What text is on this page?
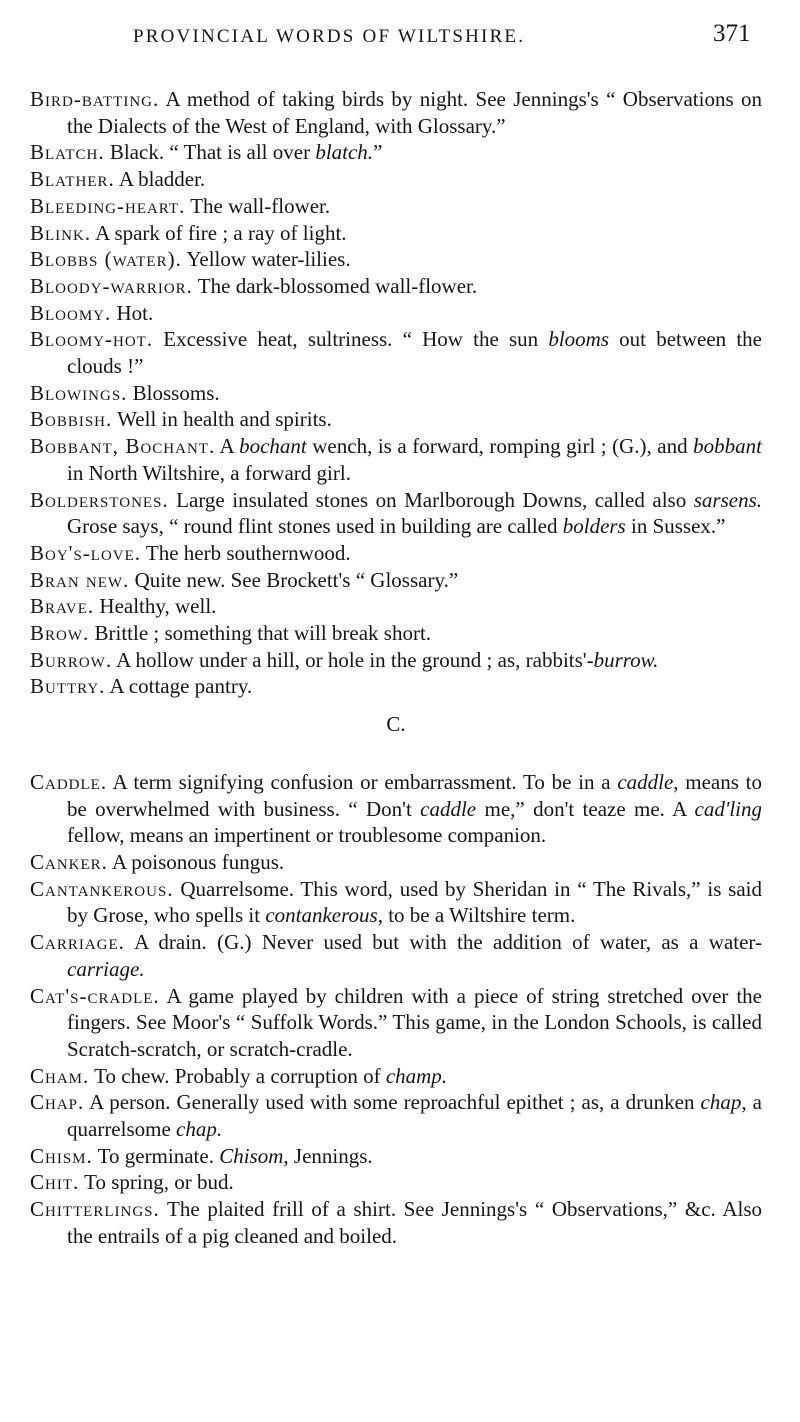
PROVINCIAL WORDS OF WILTSHIRE.	371

Bird-batting. A method of taking birds by night. See Jennings's “ Observations on the Dialects of the West of England, with Glossary.”

Blatch. Black. “ That is all over blatch.”

Blather. A bladder.

Bleeding-heart. The wall-flower.

Blink. A spark of fire ; a ray of light.

Blobbs (water). Yellow water-lilies.

Bloody-warrior. The dark-blossomed wall-flower.

Bloomy. Hot.

Bloomy-hot. Excessive heat, sultriness. “ How the sun blooms out between the clouds !”

Blowings. Blossoms.

Bobbish. Well in health and spirits.

Bobbant, Bochant. A bochant wench, is a forward, romping girl ; (G.), and bobbant in North Wiltshire, a forward girl.

Bolderstones. Large insulated stones on Marlborough Downs, called also sarsens. Grose says, “ round flint stones used in building are called bolders in Sussex.”

Boy's-love. The herb southernwood.

Bran new. Quite new. See Brockett's “ Glossary.”

Brave. Healthy, well.

Brow. Brittle ; something that will break short.

Burrow. A hollow under a hill, or hole in the ground ; as, rabbits'-burrow.

Buttry. A cottage pantry.

C.

Caddle. A term signifying confusion or embarrassment. To be in a caddle, means to be overwhelmed with business. “ Don't caddle me,” don't teaze me. A cad'ling fellow, means an impertinent or troublesome companion.

Canker. A poisonous fungus.

Cantankerous. Quarrelsome. This word, used by Sheridan in “ The Rivals,” is said by Grose, who spells it contankerous, to be a Wiltshire term.

Carriage. A drain. (G.) Never used but with the addition of water, as a water-carriage.

Cat's-cradle. A game played by children with a piece of string stretched over the fingers. See Moor's “ Suffolk Words.” This game, in the London Schools, is called Scratch-scratch, or scratch-cradle.

Cham. To chew. Probably a corruption of champ.

Chap. A person. Generally used with some reproachful epithet ; as, a drunken chap, a quarrelsome chap.

Chism. To germinate. Chisom, Jennings.

Chit. To spring, or bud.

Chitterlings. The plaited frill of a shirt. See Jennings's “ Observations,” &c. Also the entrails of a pig cleaned and boiled.
